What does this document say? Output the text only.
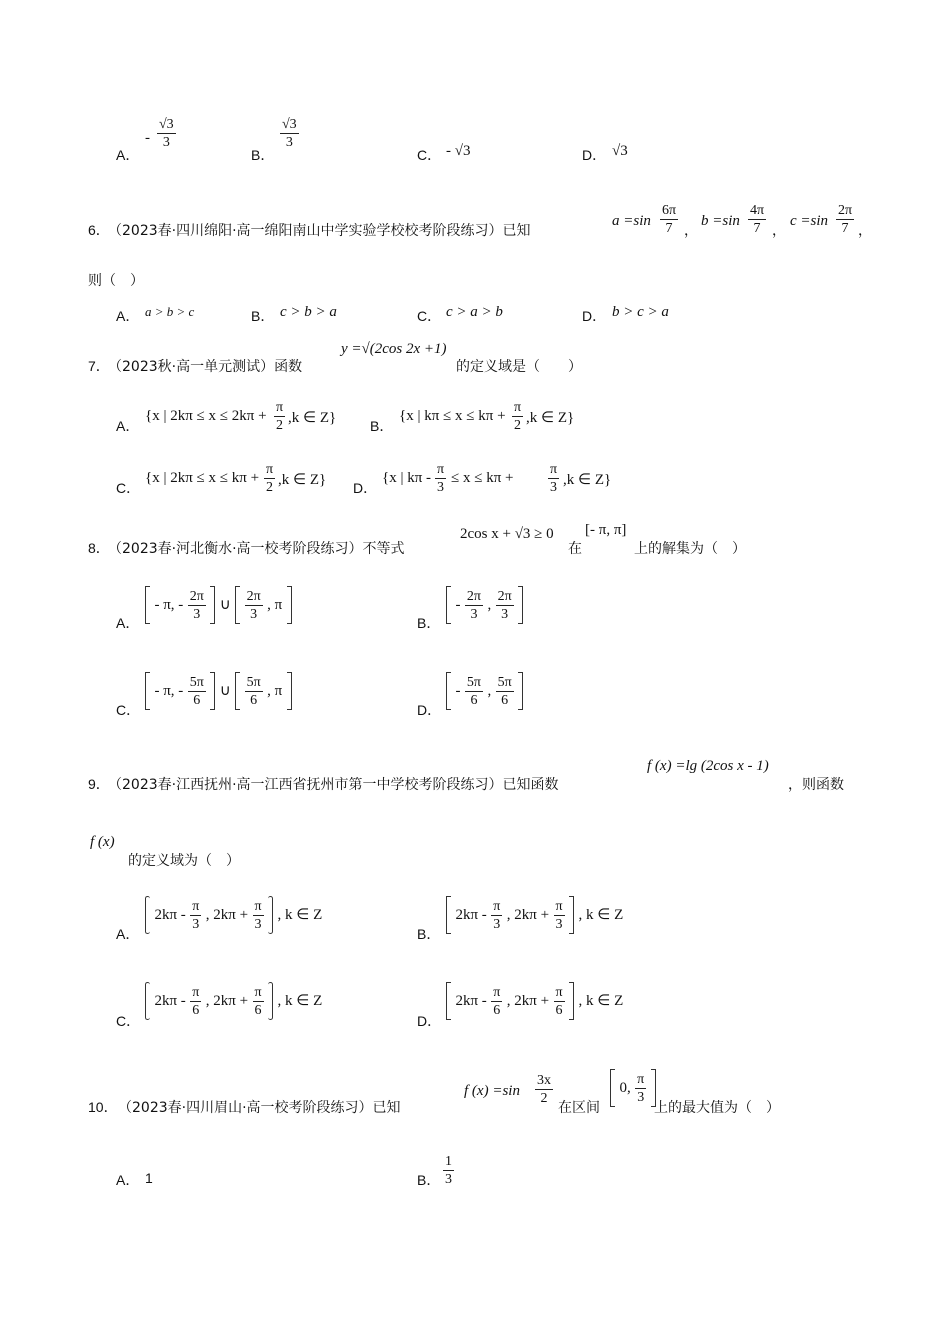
A．
- $\frac{√3}{3}$
B．
$\frac{√3}{3}$
C． - √3	D． √3
6．
（2023春·四川绵阳·高一绵阳南山中学实验学校校考阶段练习）已知
$a =\sin \frac{6\pi}{7}$ ，
$b =\sin \frac{4\pi}{7}$ ，
$c =\sin \frac{2\pi}{7}$ ，
则（　）
A． a > b > c	B． c > b > a	C． c > a > b	D． b > c > a
7．
（2023秋·高一单元测试）函数
y =√(2cos 2x +1)
的定义域是（　　）
A．
{x | $2k\pi \le x \le 2k\pi + \frac{\pi}{2} ,k$ ∈ Z} B．
{x | $k\pi \le x \le k\pi + \frac{\pi}{2} ,k$ ∈ Z}
C．
{x | $2k\pi \le x \le k\pi + \frac{\pi}{2} ,k$ ∈ Z} D．
{x | $k\pi - \frac{\pi}{3} \le x \le k\pi + \frac{\pi}{3} ,k$ ∈ Z}
8．
（2023春·河北衡水·高一校考阶段练习）不等式
2cos x + √3 ≥ 0
在
[- π, π]
上的解集为（　）
A．
- π, - $\frac{2\pi}{3}$ ∪ $\frac{2\pi}{3}$ , π
B．
- $\frac{2\pi}{3}$ , $\frac{2\pi}{3}$

C．
- π, - $\frac{5\pi}{6}$ ∪ $\frac{5\pi}{6}$ , π
D．
- $\frac{5\pi}{6}$ , $\frac{5\pi}{6}$

9．
（2023春·江西抚州·高一江西省抚州市第一中学校考阶段练习）已知函数
f (x) =lg (2cos x - 1)
，则函数
f (x)
的定义域为（　）
A．
$2k\pi - \frac{\pi}{3}$ , $2k\pi + \frac{\pi}{3}$ , k ∈ Z
B．
$2k\pi - \frac{\pi}{3}$ , $2k\pi + \frac{\pi}{3}$ , k ∈ Z
C．
$2k\pi - \frac{\pi}{6}$ , $2k\pi + \frac{\pi}{6}$ , k ∈ Z
D．
$2k\pi - \frac{\pi}{6}$ , $2k\pi + \frac{\pi}{6}$ , k ∈ Z
10． （2023春·四川眉山·高一校考阶段练习）已知
f $(x) =\sin \frac{3x}{2}$
在区间
0, $\frac{\pi}{3}$

上的最大值为（　）
A． 1	B． $\frac{1}{3}$
